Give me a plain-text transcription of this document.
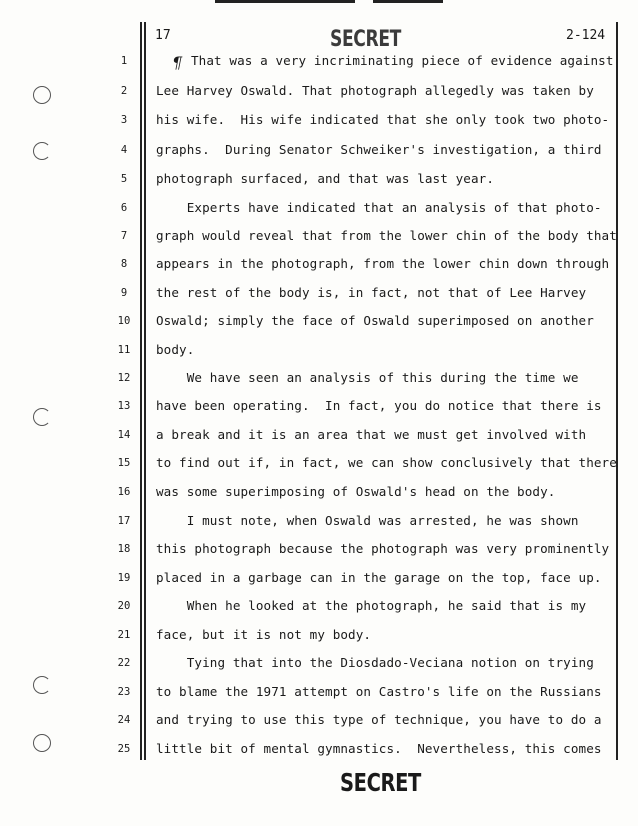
17	SECRET	2-124
¶
1	That was a very incriminating piece of evidence against
2	Lee Harvey Oswald. That photograph allegedly was taken by
3	his wife.  His wife indicated that she only took two photo-
4	graphs.  During Senator Schweiker's investigation, a third
5	photograph surfaced, and that was last year.
6	Experts have indicated that an analysis of that photo-
7	graph would reveal that from the lower chin of the body that
8	appears in the photograph, from the lower chin down through
9	the rest of the body is, in fact, not that of Lee Harvey
10	Oswald; simply the face of Oswald superimposed on another
11	body.
12	We have seen an analysis of this during the time we
13	have been operating.  In fact, you do notice that there is
14	a break and it is an area that we must get involved with
15	to find out if, in fact, we can show conclusively that there
16	was some superimposing of Oswald's head on the body.
17	I must note, when Oswald was arrested, he was shown
18	this photograph because the photograph was very prominently
19	placed in a garbage can in the garage on the top, face up.
20	When he looked at the photograph, he said that is my
21	face, but it is not my body.
22	Tying that into the Diosdado-Veciana notion on trying
23	to blame the 1971 attempt on Castro's life on the Russians
24	and trying to use this type of technique, you have to do a
25	little bit of mental gymnastics.  Nevertheless, this comes
SECRET
